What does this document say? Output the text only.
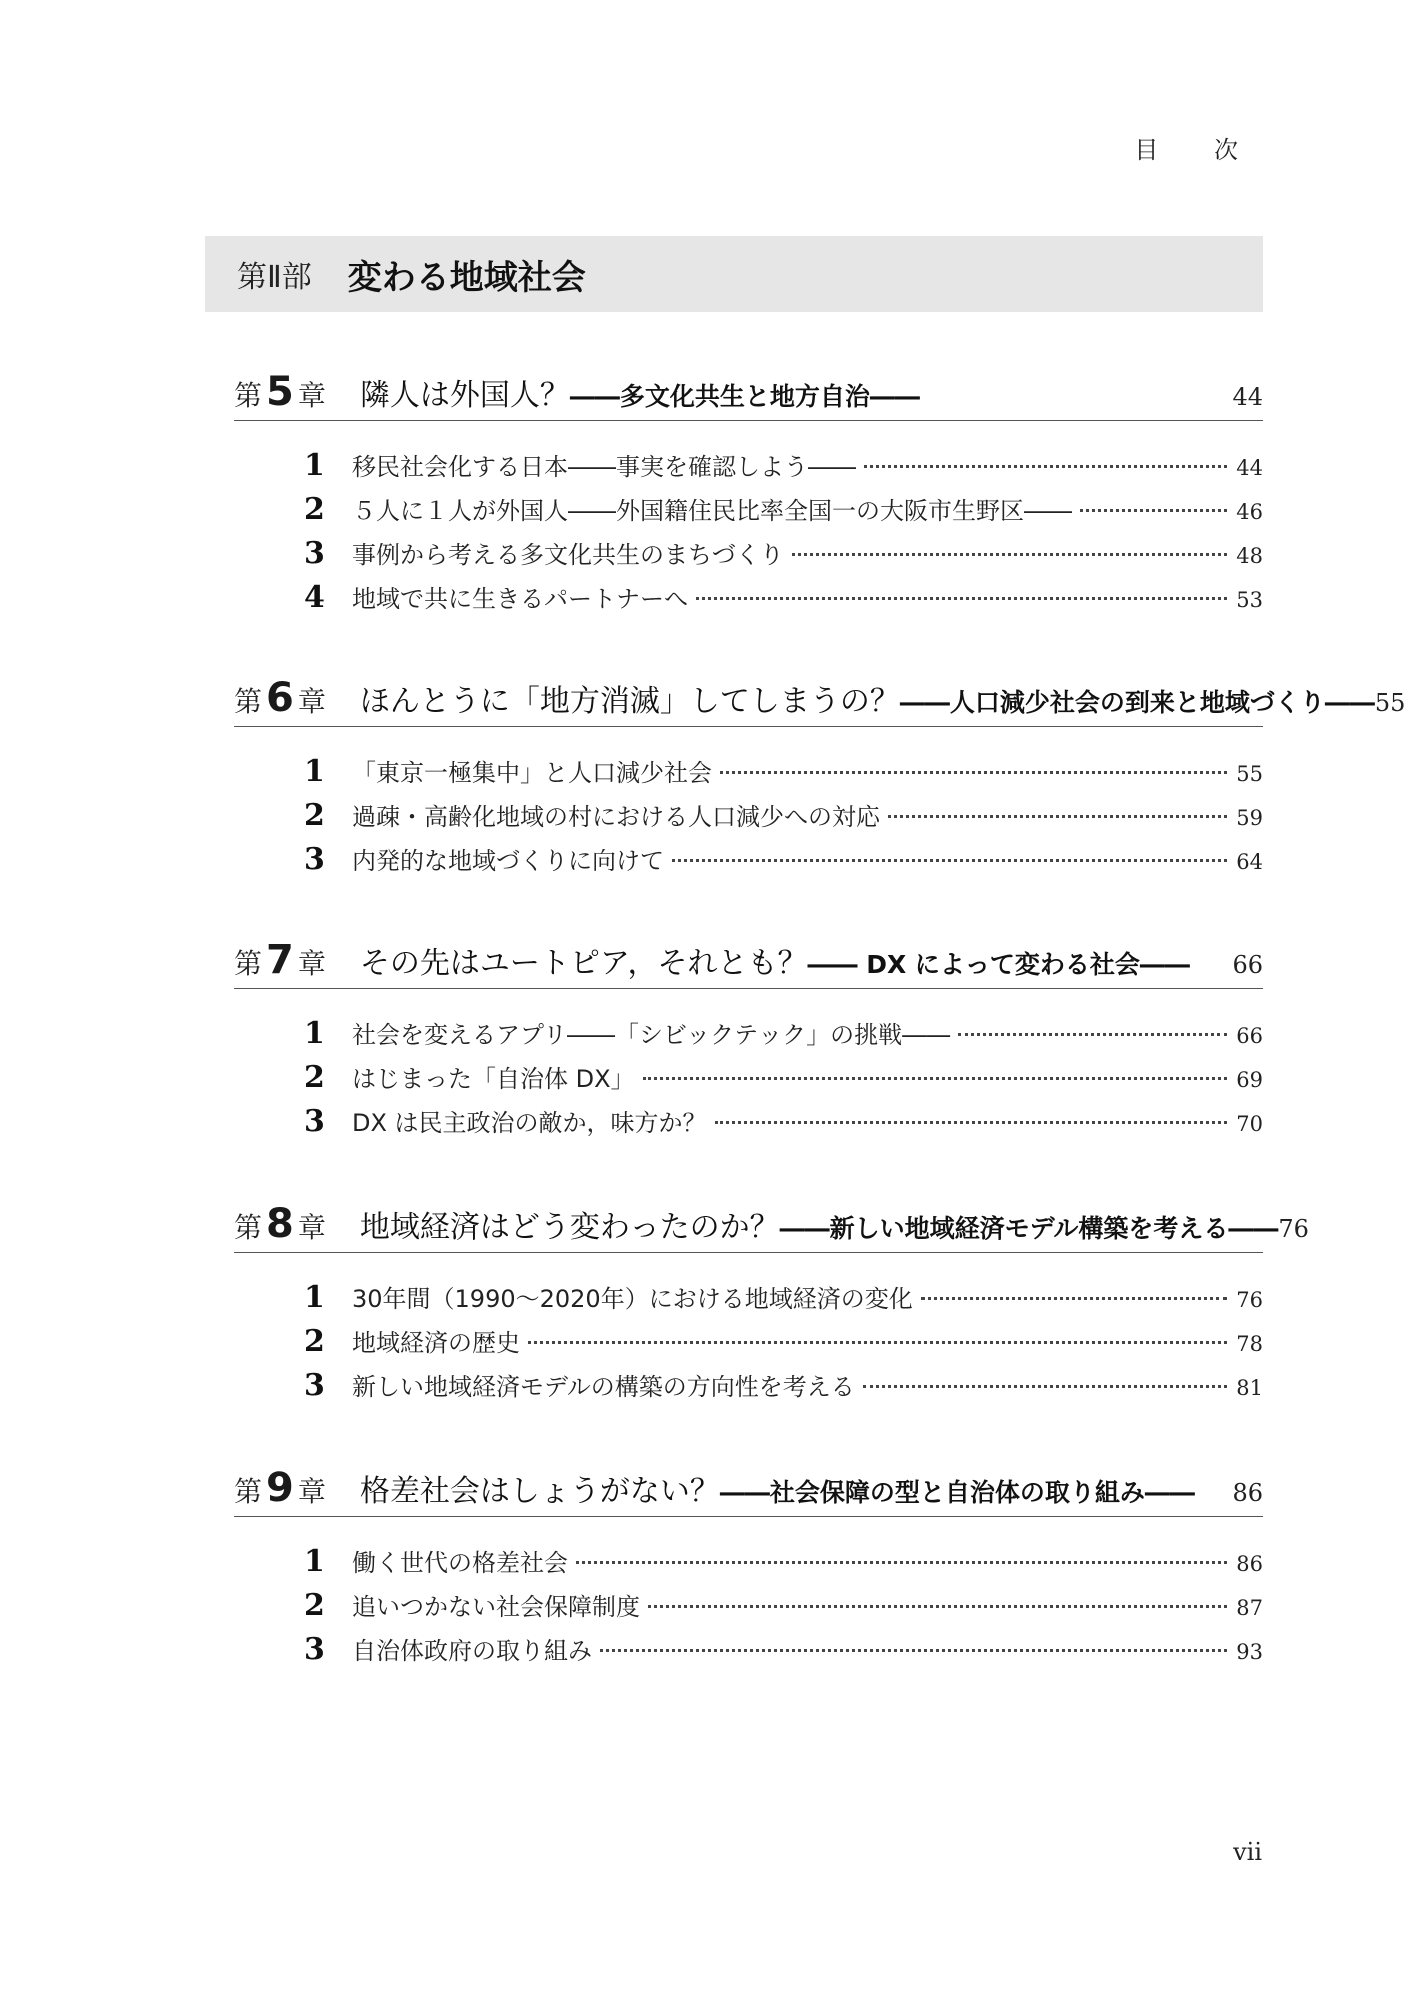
目 次
第Ⅱ部 変わる地域社会
第 5 章 隣人は外国人？ ――多文化共生と地方自治――	44
1	移民社会化する日本――事実を確認しよう――	44
2	５人に１人が外国人――外国籍住民比率全国一の大阪市生野区――	46
3	事例から考える多文化共生のまちづくり	48
4	地域で共に生きるパートナーへ	53
第 6 章 ほんとうに「地方消滅」してしまうの？ ――人口減少社会の到来と地域づくり―― 55
1	「東京一極集中」と人口減少社会	55
2	過疎・高齢化地域の村における人口減少への対応	59
3	内発的な地域づくりに向けて	64
第 7 章 その先はユートピア，それとも？ ―― DX によって変わる社会―― 66
1	社会を変えるアプリ――「シビックテック」の挑戦――	66
2	はじまった「自治体 DX」	69
3	DX は民主政治の敵か，味方か？	70
第 8 章 地域経済はどう変わったのか？ ――新しい地域経済モデル構築を考える―― 76
1	30年間（1990～2020年）における地域経済の変化	76
2	地域経済の歴史	78
3	新しい地域経済モデルの構築の方向性を考える	81
第 9 章 格差社会はしょうがない？ ――社会保障の型と自治体の取り組み―― 86
1	働く世代の格差社会	86
2	追いつかない社会保障制度	87
3	自治体政府の取り組み	93
vii
